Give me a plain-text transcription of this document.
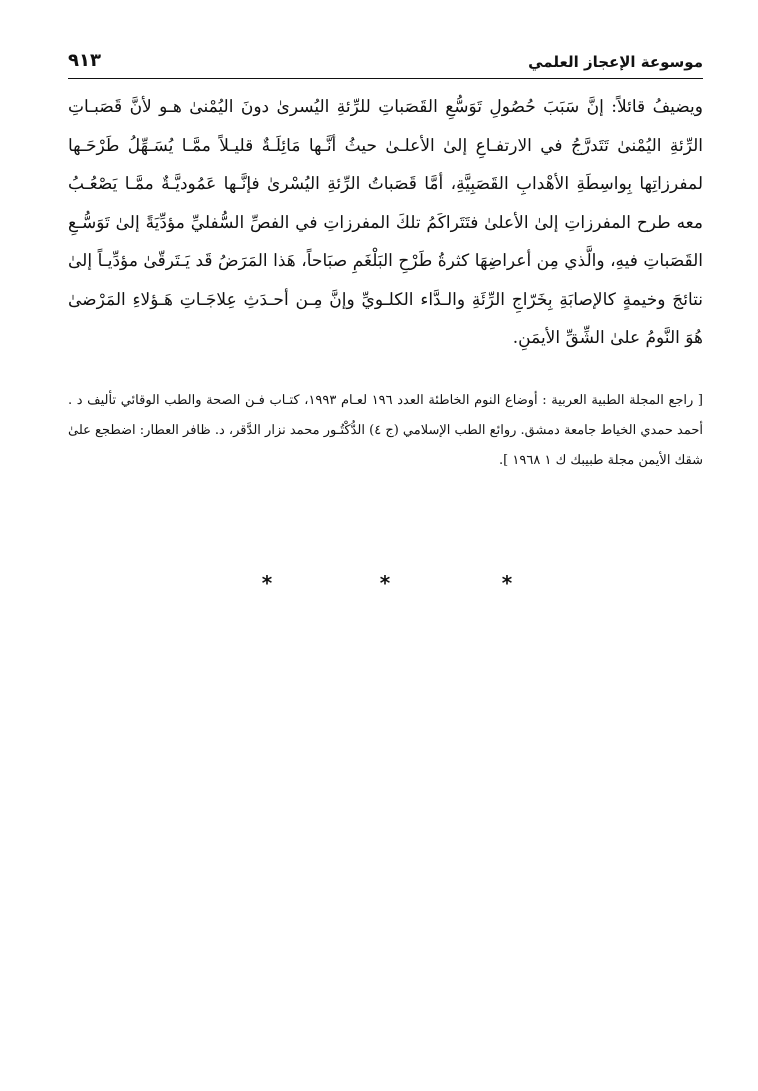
موسوعة الإعجاز العلمي
٩١٣

ويضيفُ قائلاً: إنَّ سَبَبَ حُصُولِ تَوَسُّعِ القَصَباتِ للرِّئةِ اليُسرىٰ دونَ اليُمْنىٰ هـو لأنَّ قَصَبـاتِ الرِّئةِ اليُمْنىٰ تَتَدرَّجُ في الارتفـاعِ إلىٰ الأعلـىٰ حيثُ أنَّـها مَائِلَـةٌ قليـلاً ممَّـا يُسَـهِّلُ طَرْحَـها لمفرزاتِها بِواسِطَةِ الأهْدابِ القَصَبِيَّةِ، أمَّا قَصَباتُ الرِّئةِ اليُسْرىٰ فإنَّـها عَمُوديَّـةٌ ممَّـا يَصْعُـبُ معه طرح المفرزاتِ إلىٰ الأعلىٰ فتَتَراكَمُ تلكَ المفرزاتِ في الفصِّ السُّفليِّ مؤدِّيَةً إلىٰ تَوَسُّـعِ القَصَباتِ فيهِ، والَّذي مِن أعراضِهَا كثرةُ طَرْحِ البَلْغَمِ صبَاحاً، هَذا المَرَضُ قَد يَـتَرقّىٰ مؤدِّيـاً إلىٰ نتائجَ وخيمةٍ كالإصابَةِ بِخَرّاجِ الرِّئَةِ والـدَّاء الكلـويِّ وإنَّ مِـن أحـدَثِ عِلاجَـاتِ هَـؤلاءِ المَرْضىٰ هُوَ النَّومُ علىٰ الشِّقِّ الأيمَنِ.

[ راجع المجلة الطبية العربية : أوضاع النوم الخاطئة العدد ١٩٦ لعـام ١٩٩٣، كتـاب فـن الصحة والطب الوقائي تأليف د . أحمد حمدي الخياط جامعة دمشق. روائع الطب الإسلامي (ج ٤) الدُّكْتُـور محمد نزار الدَّقر، د. ظافر العطار: اضطجع علىٰ شقك الأيمن مجلة طبيبك ك ١ ١٩٦٨ ].

*
*
*
